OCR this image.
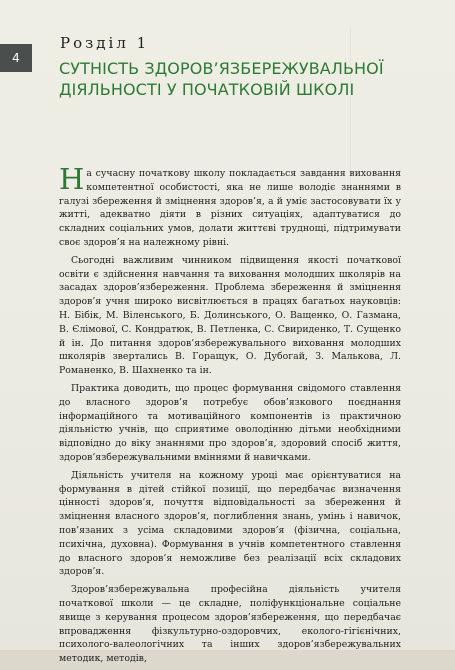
4
Розділ 1
СУТНІСТЬ ЗДОРОВ’ЯЗБЕРЕЖУВАЛЬНОЇ ДІЯЛЬНОСТІ У ПОЧАТКОВІЙ ШКОЛІ

На сучасну початкову школу покладається завдання виховання компетентної особистості, яка не лише володіє знаннями в галузі збереження й зміцнення здоров’я, а й уміє застосовувати їх у житті, адекватно діяти в різних ситуаціях, адаптуватися до складних соціальних умов, долати життєві труднощі, підтримувати своє здоров’я на належному рівні.

Сьогодні важливим чинником підвищення якості початкової освіти є здійснення навчання та виховання молодших школярів на засадах здоров’язбереження. Проблема збереження й зміцнення здоров’я учня широко висвітлюється в працях багатьох науковців: Н. Бібік, М. Віленського, Б. Долинського, О. Ващенко, О. Газмана, В. Єлімової, С. Кондратюк, В. Петленка, С. Свириденко, Т. Сущенко й ін. До питання здоров’язбережувального виховання молодших школярів звертались В. Горащук, О. Дубогай, З. Малькова, Л. Романенко, В. Шахненко та ін.

Практика доводить, що процес формування свідомого ставлення до власного здоров’я потребує обов’язкового поєднання інформаційного та мотиваційного компонентів із практичною діяльністю учнів, що сприятиме оволодінню дітьми необхідними відповідно до віку знаннями про здоров’я, здоровий спосіб життя, здоров’язбережувальними вміннями й навичками.

Діяльність учителя на кожному уроці має орієнтуватися на формування в дітей стійкої позиції, що передбачає визначення цінності здоров’я, почуття відповідальності за збереження й зміцнення власного здоров’я, поглиблення знань, умінь і навичок, пов’язаних з усіма складовими здоров’я (фізична, соціальна, психічна, духовна). Формування в учнів компетентного ставлення до власного здоров’я неможливе без реалізації всіх складових здоров’я.

Здоров’язбережувальна професійна діяльність учителя початкової школи — це складне, поліфункціональне соціальне явище з керування процесом здоров’язбереження, що передбачає впровадження фізкультурно-оздоровчих, еколого-гігієнічних, психолого-валеологічних та інших здоров’язбережувальних методик, методів,
